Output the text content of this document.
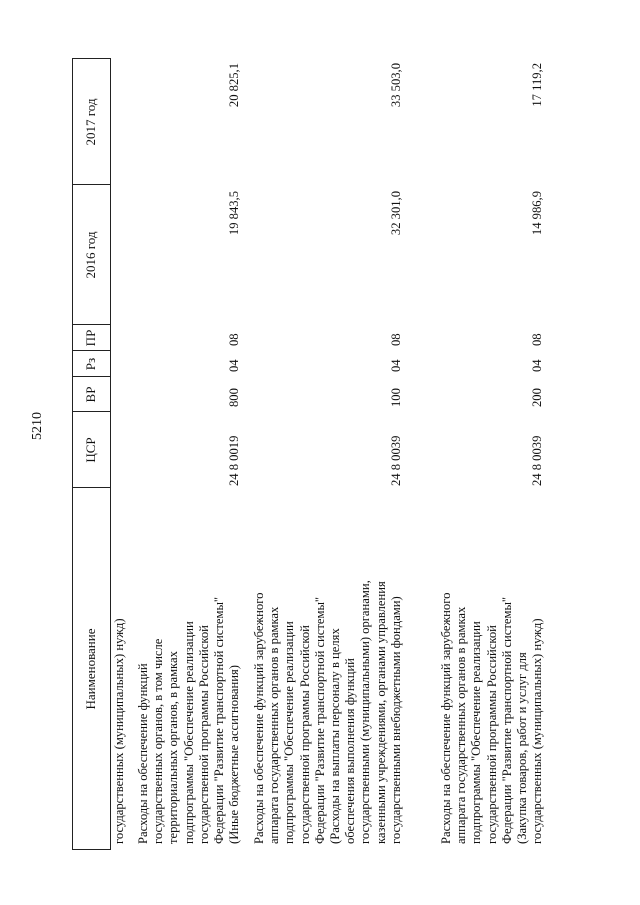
5210
Наименование
ЦСР
ВР
Рз
ПР
2016 год
2017 год
государственных (муниципальных) нужд) Расходы на обеспечение функций государственных органов, в том числе территориальных органов, в рамках подпрограммы "Обеспечение реализации государственной программы Российской Федерации "Развитие транспортной системы" (Иные бюджетные ассигнования)
24 8 0019
800
04
08
19 843,5
20 825,1
Расходы на обеспечение функций зарубежного аппарата государственных органов в рамках подпрограммы "Обеспечение реализации государственной программы Российской Федерации "Развитие транспортной системы" (Расходы на выплаты персоналу в целях обеспечения выполнения функций государственными (муниципальными) органами, казенными учреждениями, органами управления государственными внебюджетными фондами)
24 8 0039
100
04
08
32 301,0
33 503,0
Расходы на обеспечение функций зарубежного аппарата государственных органов в рамках подпрограммы "Обеспечение реализации государственной программы Российской Федерации "Развитие транспортной системы" (Закупка товаров, работ и услуг для государственных (муниципальных) нужд)
24 8 0039
200
04
08
14 986,9
17 119,2
